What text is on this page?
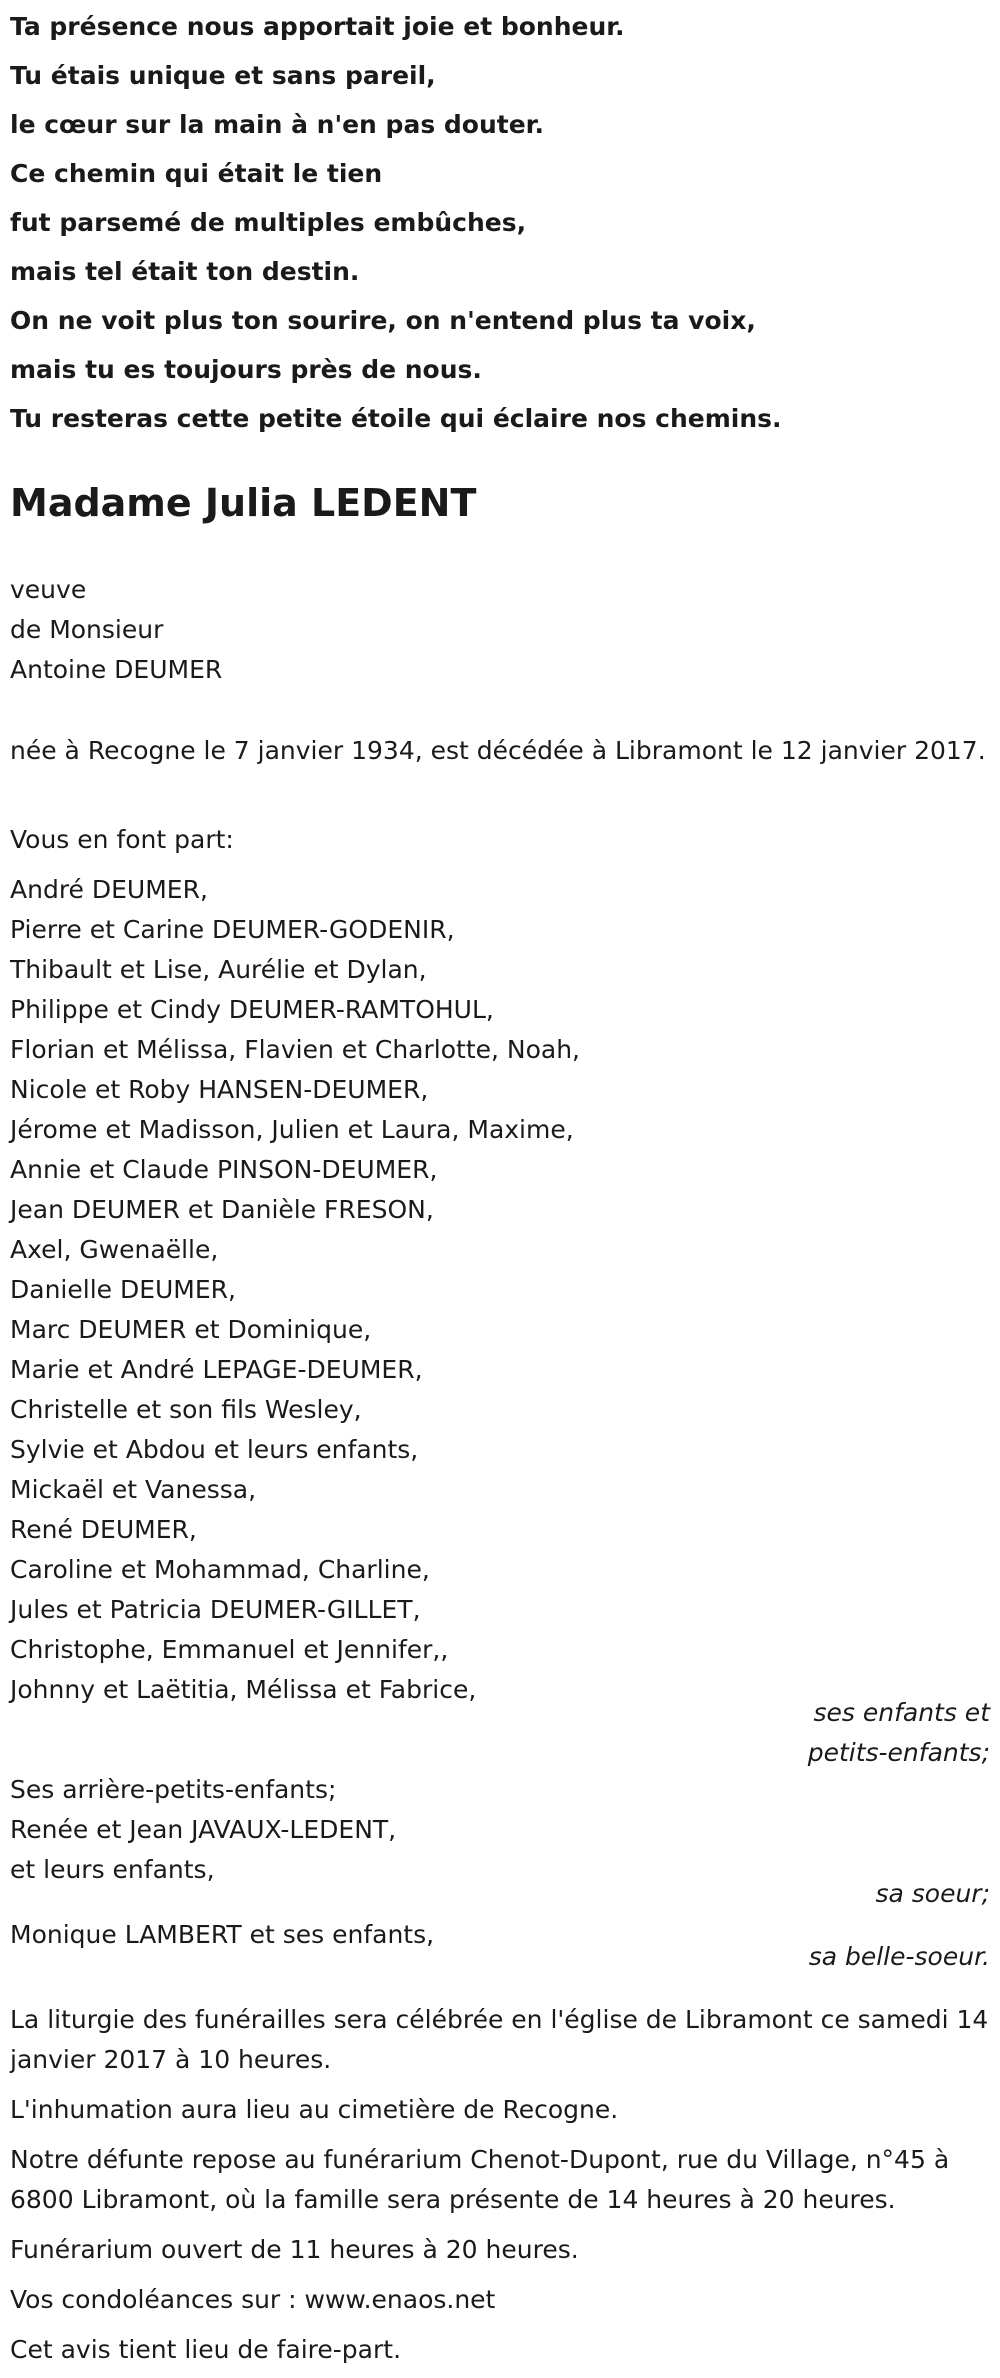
Ta présence nous apportait joie et bonheur.
Tu étais unique et sans pareil,
le cœur sur la main à n'en pas douter.
Ce chemin qui était le tien
fut parsemé de multiples embûches,
mais tel était ton destin.
On ne voit plus ton sourire, on n'entend plus ta voix,
mais tu es toujours près de nous.
Tu resteras cette petite étoile qui éclaire nos chemins.
Madame Julia LEDENT
veuve
de Monsieur
Antoine DEUMER
née à Recogne le 7 janvier 1934, est décédée à Libramont le 12 janvier 2017.
Vous en font part:
André DEUMER,
Pierre et Carine DEUMER-GODENIR,
Thibault et Lise, Aurélie et Dylan,
Philippe et Cindy DEUMER-RAMTOHUL,
Florian et Mélissa, Flavien et Charlotte, Noah,
Nicole et Roby HANSEN-DEUMER,
Jérome et Madisson, Julien et Laura, Maxime,
Annie et Claude PINSON-DEUMER,
Jean DEUMER et Danièle FRESON,
Axel, Gwenaëlle,
Danielle DEUMER,
Marc DEUMER et Dominique,
Marie et André LEPAGE-DEUMER,
Christelle et son fils Wesley,
Sylvie et Abdou et leurs enfants,
Mickaël et Vanessa,
René DEUMER,
Caroline et Mohammad, Charline,
Jules et Patricia DEUMER-GILLET,
Christophe, Emmanuel et Jennifer,,
Johnny et Laëtitia, Mélissa et Fabrice,
ses enfants et
petits-enfants;
Ses arrière-petits-enfants;
Renée et Jean JAVAUX-LEDENT,
et leurs enfants,
sa soeur;
Monique LAMBERT et ses enfants,
sa belle-soeur.
La liturgie des funérailles sera célébrée en l'église de Libramont ce samedi 14 janvier 2017 à 10 heures.
L'inhumation aura lieu au cimetière de Recogne.
Notre défunte repose au funérarium Chenot-Dupont, rue du Village, n°45 à 6800 Libramont, où la famille sera présente de 14 heures à 20 heures.
Funérarium ouvert de 11 heures à 20 heures.
Vos condoléances sur : www.enaos.net
Cet avis tient lieu de faire-part.
